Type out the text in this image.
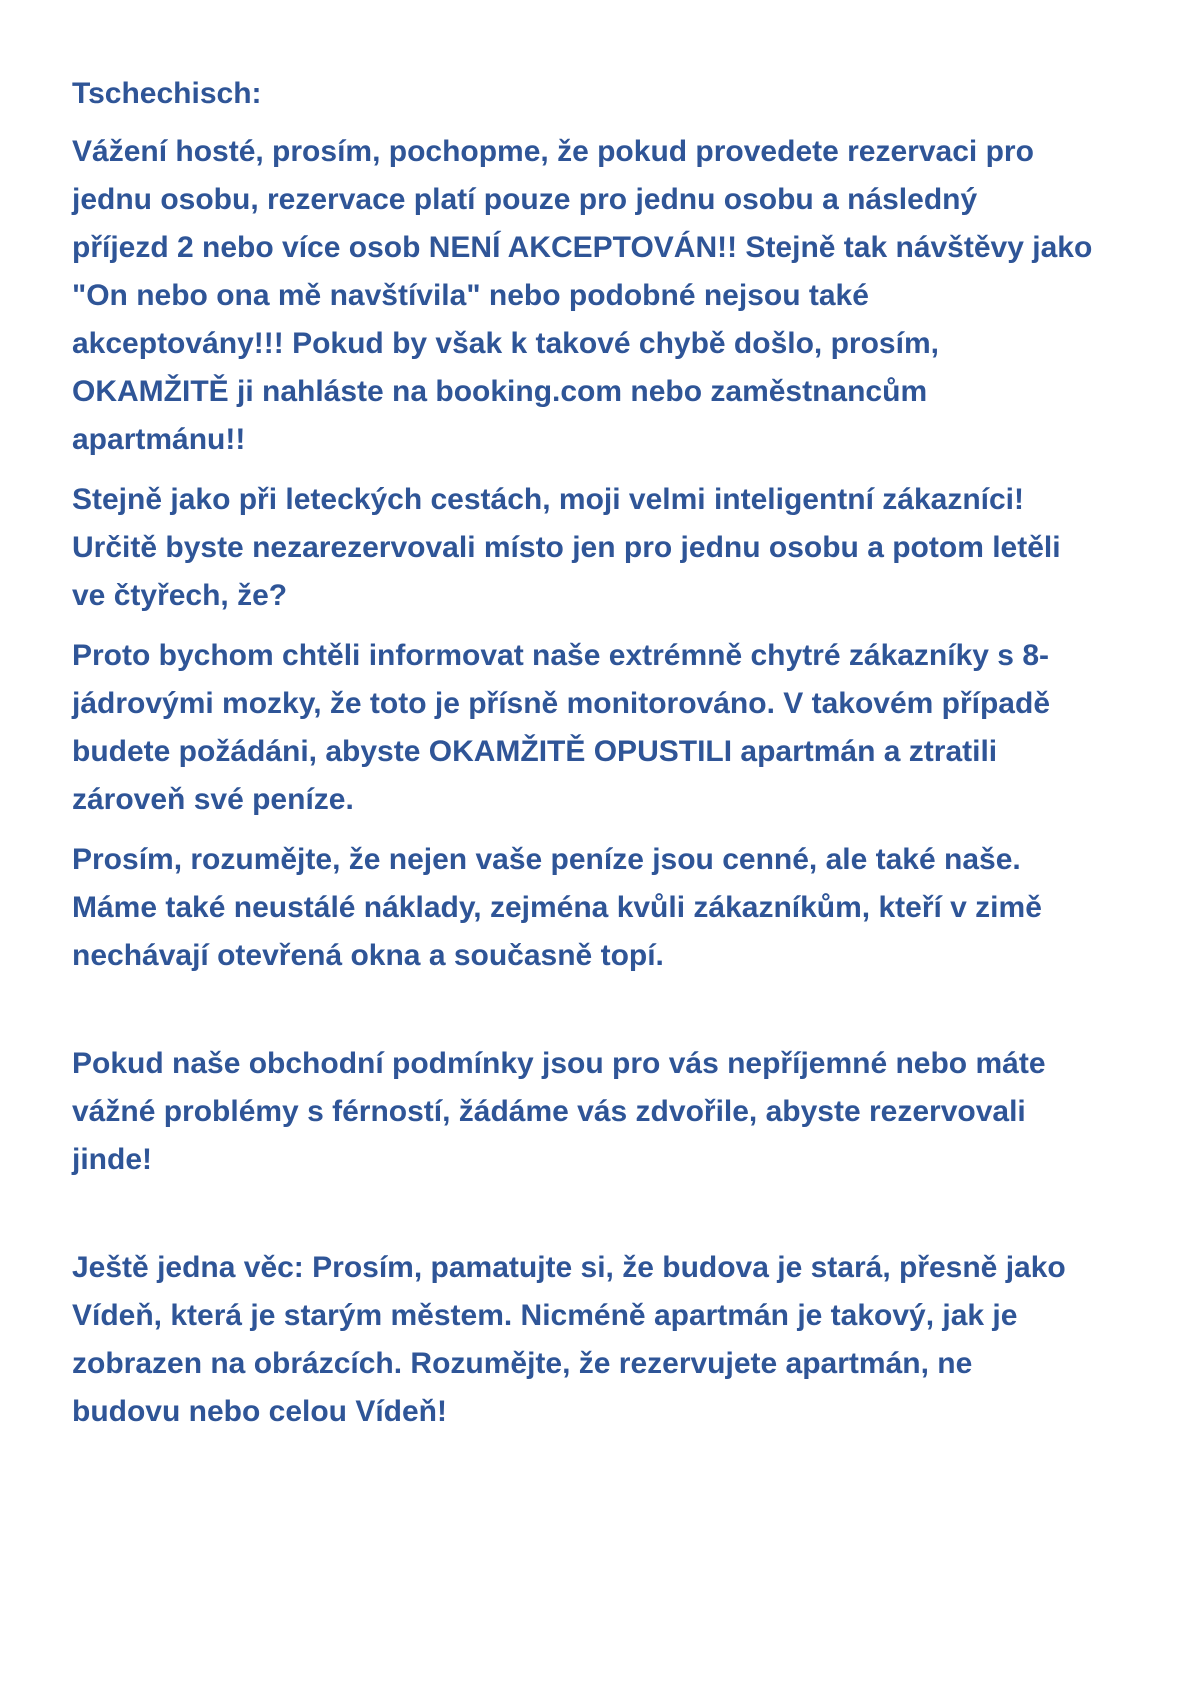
Tschechisch:

Vážení hosté, prosím, pochopme, že pokud provedete rezervaci pro
jednu osobu, rezervace platí pouze pro jednu osobu a následný
příjezd 2 nebo více osob NENÍ AKCEPTOVÁN!! Stejně tak návštěvy jako
"On nebo ona mě navštívila" nebo podobné nejsou také
akceptovány!!! Pokud by však k takové chybě došlo, prosím,
OKAMŽITĚ ji nahláste na booking.com nebo zaměstnancům
apartmánu!!

Stejně jako při leteckých cestách, moji velmi inteligentní zákazníci!
Určitě byste nezarezervovali místo jen pro jednu osobu a potom letěli
ve čtyřech, že?

Proto bychom chtěli informovat naše extrémně chytré zákazníky s 8-
jádrovými mozky, že toto je přísně monitorováno. V takovém případě
budete požádáni, abyste OKAMŽITĚ OPUSTILI apartmán a ztratili
zároveň své peníze.

Prosím, rozumějte, že nejen vaše peníze jsou cenné, ale také naše.
Máme také neustálé náklady, zejména kvůli zákazníkům, kteří v zimě
nechávají otevřená okna a současně topí.

Pokud naše obchodní podmínky jsou pro vás nepříjemné nebo máte
vážné problémy s férností, žádáme vás zdvořile, abyste rezervovali
jinde!

Ještě jedna věc: Prosím, pamatujte si, že budova je stará, přesně jako
Vídeň, která je starým městem. Nicméně apartmán je takový, jak je
zobrazen na obrázcích. Rozumějte, že rezervujete apartmán, ne
budovu nebo celou Vídeň!
